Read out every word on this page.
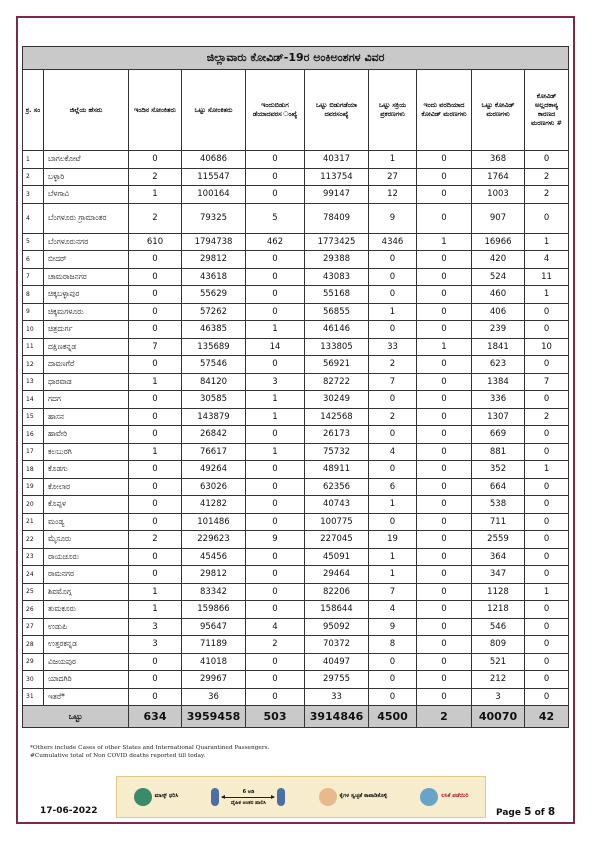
ಜಿಲ್ಲಾವಾರು ಕೋವಿಡ್-19ರ ಅಂಕಿಅಂಶಗಳ ವಿವರ									
ಕ್ರ. ಸಂ	ಜಿಲ್ಲೆಯ ಹೆಸರು	ಇಂದಿನ ಸೋಂಕಿತರು	ಒಟ್ಟು ಸೋಂಕಿತರು	ಇಂದುಬಿಡುಗ ಡೆಯಾದವರಸ ಂಖ್ಯೆ	ಒಟ್ಟು ಬಿಡುಗಡೆಯಾ ದವರಸಂಖ್ಯೆ	ಒಟ್ಟು ಸಕ್ರಿಯ ಪ್ರಕರಣಗಳು	ಇಂದು ವರದಿಯಾದ ಕೋವಿಡ್ ಮರಣಗಳು	ಒಟ್ಟು ಕೋವಿಡ್ ಮರಣಗಳು	ಕೋವಿಡ್ ಅಲ್ಲದಕಾನ್ಯ ಕಾರಣದ ಮರಣಗಳು #
1	ಬಾಗಲಕೋಟೆ	0	40686	0	40317	1	0	368	0
2	ಬಳ್ಳಾರಿ	2	115547	0	113754	27	0	1764	2
3	ಬೆಳಗಾವಿ	1	100164	0	99147	12	0	1003	2
4	ಬೆಂಗಳೂರು ಗ್ರಾಮಾಂತರ	2	79325	5	78409	9	0	907	0
5	ಬೆಂಗಳೂರುನಗರ	610	1794738	462	1773425	4346	1	16966	1
6	ಬೀದರ್	0	29812	0	29388	0	0	420	4
7	ಚಾಮರಾಜನಗರ	0	43618	0	43083	0	0	524	11
8	ಚಿಕ್ಕಬಳ್ಳಾಪುರ	0	55629	0	55168	0	0	460	1
9	ಚಿಕ್ಕಮಗಳೂರು	0	57262	0	56855	1	0	406	0
10	ಚಿತ್ರದುರ್ಗ	0	46385	1	46146	0	0	239	0
11	ದಕ್ಷಿಣಕನ್ನಡ	7	135689	14	133805	33	1	1841	10
12	ದಾವಣಗೆರೆ	0	57546	0	56921	2	0	623	0
13	ಧಾರವಾಡ	1	84120	3	82722	7	0	1384	7
14	ಗದಗ	0	30585	1	30249	0	0	336	0
15	ಹಾಸನ	0	143879	1	142568	2	0	1307	2
16	ಹಾವೇರಿ	0	26842	0	26173	0	0	669	0
17	ಕಲಬುರಗಿ	1	76617	1	75732	4	0	881	0
18	ಕೊಡಗು	0	49264	0	48911	0	0	352	1
19	ಕೋಲಾರ	0	63026	0	62356	6	0	664	0
20	ಕೊಪ್ಪಳ	0	41282	0	40743	1	0	538	0
21	ಮಂಡ್ಯ	0	101486	0	100775	0	0	711	0
22	ಮೈಸೂರು	2	229623	9	227045	19	0	2559	0
23	ರಾಯಚೂರು	0	45456	0	45091	1	0	364	0
24	ರಾಮನಗರ	0	29812	0	29464	1	0	347	0
25	ಶಿವಮೊಗ್ಗ	1	83342	0	82206	7	0	1128	1
26	ತುಮಕೂರು	1	159866	0	158644	4	0	1218	0
27	ಉಡುಪಿ	3	95647	4	95092	9	0	546	0
28	ಉತ್ತರಕನ್ನಡ	3	71189	2	70372	8	0	809	0
29	ವಿಜಯಪುರ	0	41018	0	40497	0	0	521	0
30	ಯಾದಗಿರಿ	0	29967	0	29755	0	0	212	0
31	ಇತರೆ*	0	36	0	33	0	0	3	0
ಒಟ್ಟು		634	3959458	503	3914846	4500	2	40070	42
*Others include Cases of other States and International Quarantined Passengers.
#Cumulative total of Non COVID deaths reported till today.
ಮಾಸ್ಕ್ ಧರಿಸಿ
6 ಅಡಿ
ದೈಹಿಕ ಅಂತರ ಪಾಲಿಸಿ
ಕೈಗಳ ಸ್ವಚ್ಛತೆ ಕಾಪಾಡಿಕೊಳ್ಳಿ	ಲಸಿಕೆ ಪಡೆಯಿರಿ
17-06-2022	Page 5 of 8
